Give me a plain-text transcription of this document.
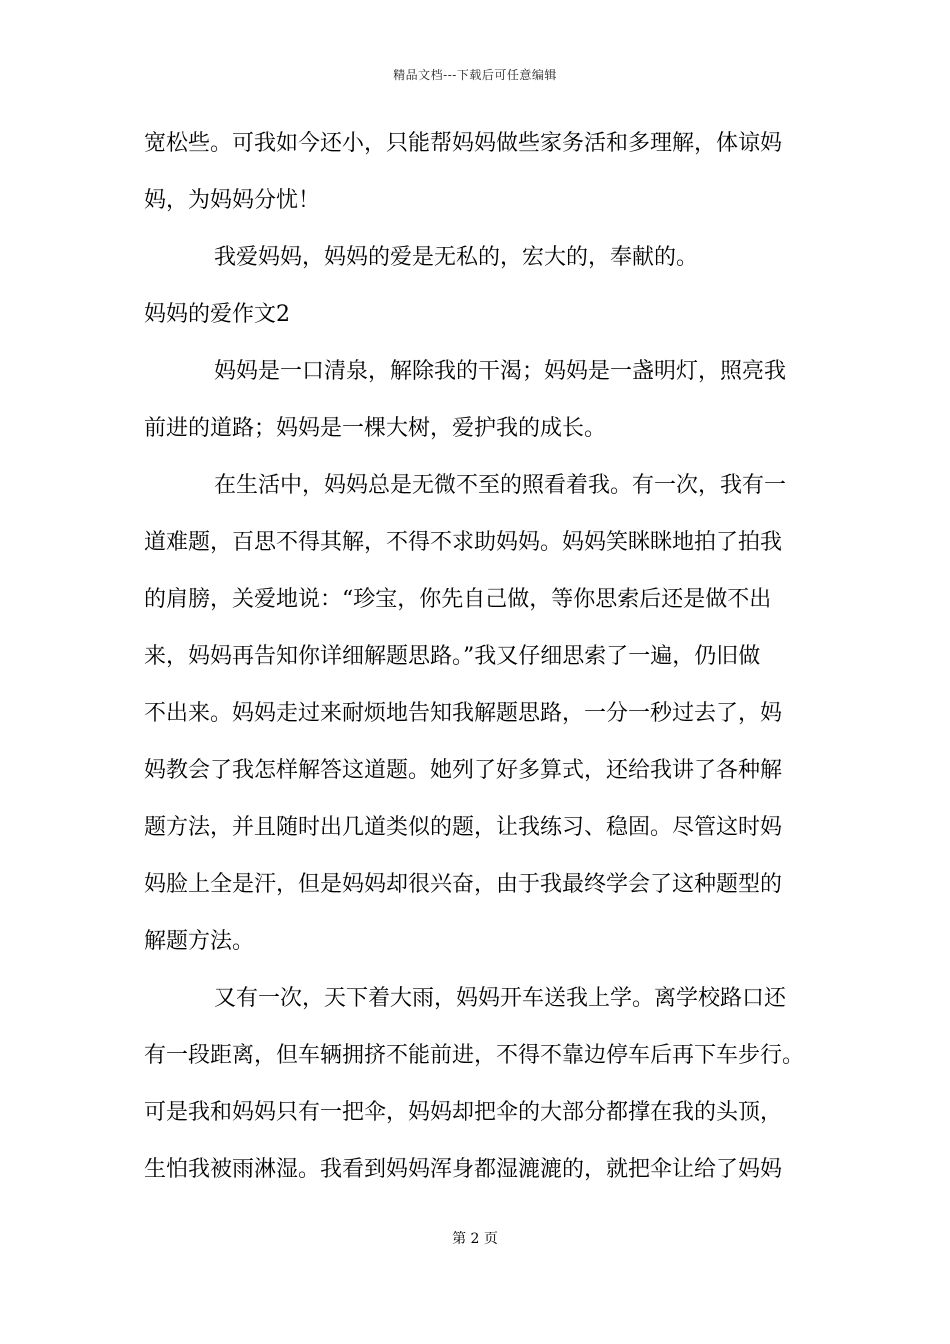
精品文档---下载后可任意编辑
宽松些。可我如今还小，只能帮妈妈做些家务活和多理解，体谅妈
妈，为妈妈分忧！
我爱妈妈，妈妈的爱是无私的，宏大的，奉献的。
妈妈的爱作文2
妈妈是一口清泉，解除我的干渴；妈妈是一盏明灯，照亮我
前进的道路；妈妈是一棵大树，爱护我的成长。
在生活中，妈妈总是无微不至的照看着我。有一次，我有一
道难题，百思不得其解，不得不求助妈妈。妈妈笑眯眯地拍了拍我
的肩膀，关爱地说：“珍宝，你先自己做，等你思索后还是做不出
来，妈妈再告知你详细解题思路。”我又仔细思索了一遍，仍旧做
不出来。妈妈走过来耐烦地告知我解题思路，一分一秒过去了，妈
妈教会了我怎样解答这道题。她列了好多算式，还给我讲了各种解
题方法，并且随时出几道类似的题，让我练习、稳固。尽管这时妈
妈脸上全是汗，但是妈妈却很兴奋，由于我最终学会了这种题型的
解题方法。
又有一次，天下着大雨，妈妈开车送我上学。离学校路口还
有一段距离，但车辆拥挤不能前进，不得不靠边停车后再下车步行。
可是我和妈妈只有一把伞，妈妈却把伞的大部分都撑在我的头顶，
生怕我被雨淋湿。我看到妈妈浑身都湿漉漉的，就把伞让给了妈妈
第 2 页
